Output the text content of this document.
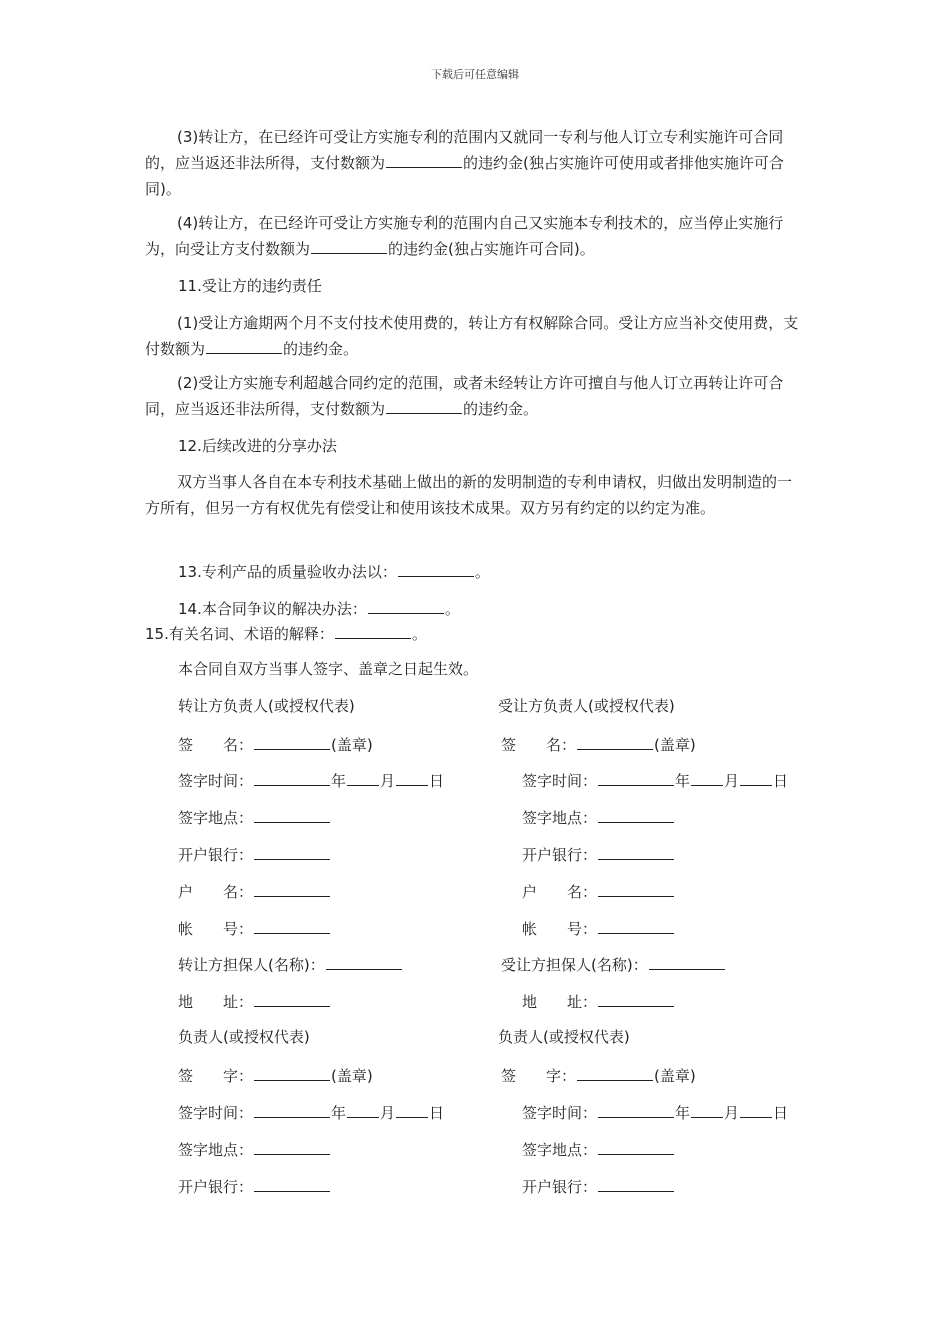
下载后可任意编辑

(3)转让方，在已经许可受让方实施专利的范围内又就同一专利与他人订立专利实施许可合同的，应当返还非法所得，支付数额为	的违约金(独占实施许可使用或者排他实施许可合同)。

(4)转让方，在已经许可受让方实施专利的范围内自己又实施本专利技术的，应当停止实施行为，向受让方支付数额为	的违约金(独占实施许可合同)。

11.受让方的违约责任

(1)受让方逾期两个月不支付技术使用费的，转让方有权解除合同。受让方应当补交使用费，支付数额为	的违约金。

(2)受让方实施专利超越合同约定的范围，或者未经转让方许可擅自与他人订立再转让许可合同，应当返还非法所得，支付数额为	的违约金。

12.后续改进的分享办法

双方当事人各自在本专利技术基础上做出的新的发明制造的专利申请权，归做出发明制造的一方所有，但另一方有权优先有偿受让和使用该技术成果。双方另有约定的以约定为准。

13.专利产品的质量验收办法以：	。

14.本合同争议的解决办法：	。

15.有关名词、术语的解释：	。

本合同自双方当事人签字、盖章之日起生效。

转让方负责人(或授权代表)

签　　名：	(盖章)

签字时间：	年 月 日

签字地点：

开户银行：

户　　名：

帐　　号：

转让方担保人(名称)：

地　　址：

负责人(或授权代表)

签　　字：	(盖章)

签字时间：	年 月 日

签字地点：

开户银行：

受让方负责人(或授权代表)

签　　名：	(盖章)

签字时间：	年 月 日

签字地点：

开户银行：

户　　名：

帐　　号：

受让方担保人(名称)：

地　　址：

负责人(或授权代表)

签　　字：	(盖章)

签字时间：	年 月 日

签字地点：

开户银行：
